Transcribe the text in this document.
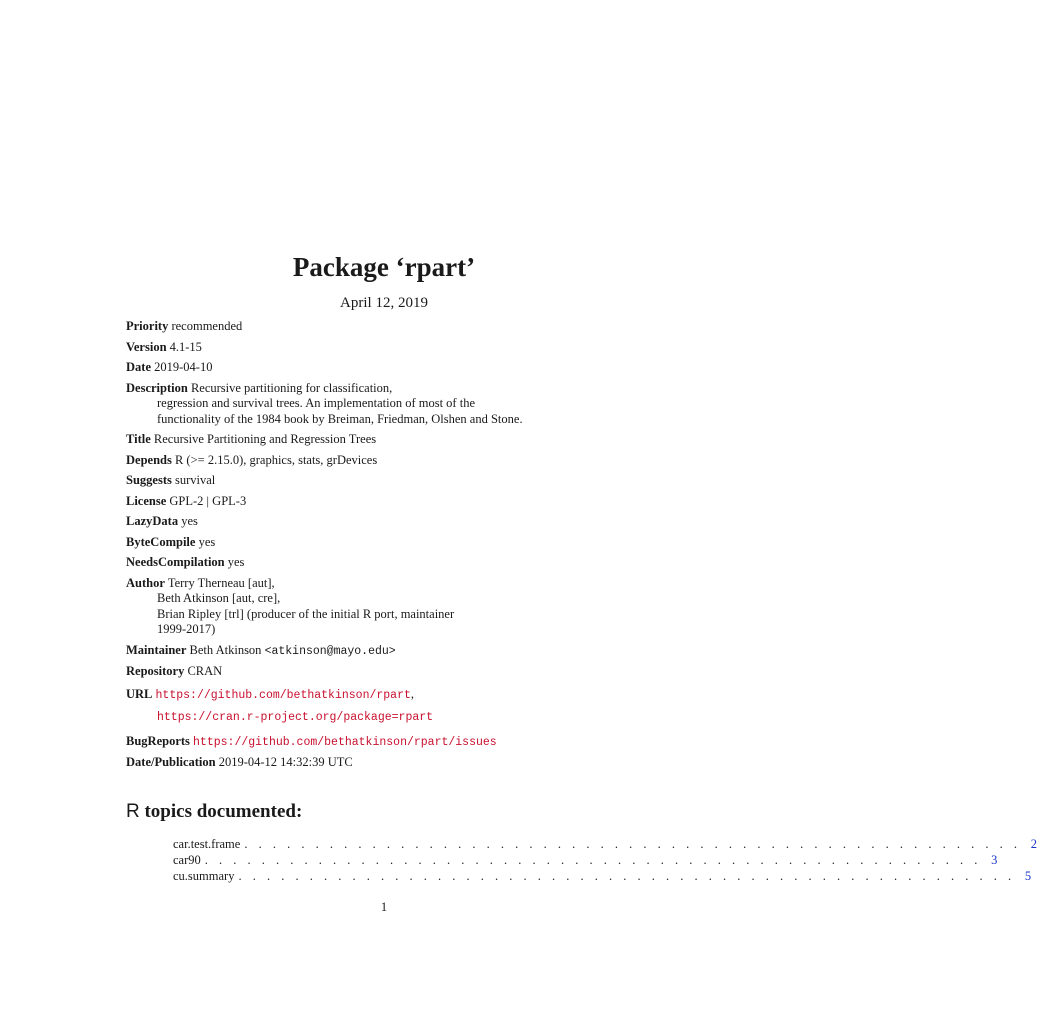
Package ‘rpart’
April 12, 2019
Priority recommended
Version 4.1-15
Date 2019-04-10
Description Recursive partitioning for classification,
regression and survival trees. An implementation of most of the
functionality of the 1984 book by Breiman, Friedman, Olshen and Stone.
Title Recursive Partitioning and Regression Trees
Depends R (>= 2.15.0), graphics, stats, grDevices
Suggests survival
License GPL-2 | GPL-3
LazyData yes
ByteCompile yes
NeedsCompilation yes
Author Terry Therneau [aut],
Beth Atkinson [aut, cre],
Brian Ripley [trl] (producer of the initial R port, maintainer
1999-2017)
Maintainer Beth Atkinson <atkinson@mayo.edu>
Repository CRAN
URL https://github.com/bethatkinson/rpart,
https://cran.r-project.org/package=rpart
BugReports https://github.com/bethatkinson/rpart/issues
Date/Publication 2019-04-12 14:32:39 UTC
R topics documented:
car.test.frame . . . . . . . . . . . . . . . . . . . . . . . . . . . . . . . . . . . . . . . . . . . . . . . . . . . . . . . 2
car90 . . . . . . . . . . . . . . . . . . . . . . . . . . . . . . . . . . . . . . . . . . . . . . . . . . . . . . . 3
cu.summary . . . . . . . . . . . . . . . . . . . . . . . . . . . . . . . . . . . . . . . . . . . . . . . . . . . . . . . 5
1
